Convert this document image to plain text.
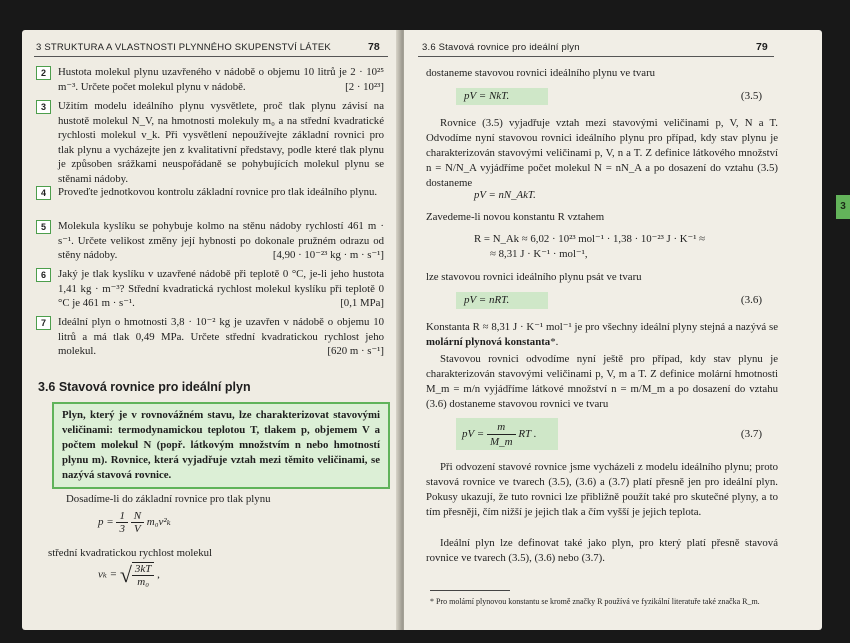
3 STRUKTURA A VLASTNOSTI PLYNNÉHO SKUPENSTVÍ LÁTEK	78
2	Hustota molekul plynu uzavřeného v nádobě o objemu 10 litrů je 2 · 10²⁵ m⁻³. Určete počet molekul plynu v nádobě.	[2 · 10²³]
3	Užitím modelu ideálního plynu vysvětlete, proč tlak plynu závisí na hustotě molekul N_V, na hmotnosti molekuly m₀ a na střední kvadratické rychlosti molekul v_k. Při vysvětlení nepoužívejte základní rovnici pro tlak plynu a vycházejte jen z kvalitativní představy, podle které tlak plynu je způsoben srážkami neuspořádaně se pohybujících molekul plynu se stěnami nádoby.
4	Proveďte jednotkovou kontrolu základní rovnice pro tlak ideálního plynu.
5	Molekula kyslíku se pohybuje kolmo na stěnu nádoby rychlostí 461 m · s⁻¹. Určete velikost změny její hybnosti po dokonale pružném odrazu od stěny nádoby.	[4,90 · 10⁻²³ kg · m · s⁻¹]
6	Jaký je tlak kyslíku v uzavřené nádobě při teplotě 0 °C, je-li jeho hustota 1,41 kg · m⁻³? Střední kvadratická rychlost molekul kyslíku při teplotě 0 °C je 461 m · s⁻¹.	[0,1 MPa]
7	Ideální plyn o hmotnosti 3,8 · 10⁻² kg je uzavřen v nádobě o objemu 10 litrů a má tlak 0,49 MPa. Určete střední kvadratickou rychlost jeho molekul.	[620 m · s⁻¹]
3.6 Stavová rovnice pro ideální plyn
Plyn, který je v rovnovážném stavu, lze charakterizovat stavovými veličinami: termodynamickou teplotou T, tlakem p, objemem V a počtem molekul N (popř. látkovým množstvím n nebo hmotností plynu m). Rovnice, která vyjadřuje vztah mezi těmito veličinami, se nazývá stavová rovnice.
Dosadíme-li do základní rovnice pro tlak plynu
$p = \frac{1}{3}$
$\frac{N}{V} m_0v^2_k$
střední kvadratickou rychlost molekul
vₖ = √ $\frac{3kT}{\text{m₀}}$ ,
3.6 Stavová rovnice pro ideální plyn	79
dostaneme stavovou rovnici ideálního plynu ve tvaru
pV = NkT.	(3.5)
Rovnice (3.5) vyjadřuje vztah mezi stavovými veličinami p, V, N a T. Odvodíme nyní stavovou rovnici ideálního plynu pro případ, kdy stav plynu je charakterizován stavovými veličinami p, V, n a T. Z definice látkového množství n = N/N_A vyjádříme počet molekul N = nN_A a po dosazení do vztahu (3.5) dostaneme
pV = nN_AkT.
Zavedeme-li novou konstantu R vztahem
R = N_Ak ≈ 6,02 · 10²³ mol⁻¹ · 1,38 · 10⁻²³ J · K⁻¹ ≈
≈ 8,31 J · K⁻¹ · mol⁻¹,
lze stavovou rovnici ideálního plynu psát ve tvaru
pV = nRT.	(3.6)
Konstanta R ≈ 8,31 J · K⁻¹ mol⁻¹ je pro všechny ideální plyny stejná a nazývá se molární plynová konstanta*.
Stavovou rovnici odvodíme nyní ještě pro případ, kdy stav plynu je charakterizován stavovými veličinami p, V, m a T. Z definice molární hmotnosti M_m = m/n vyjádříme látkové množství n = m/M_m a po dosazení do vztahu (3.6) dostaneme stavovou rovnici ve tvaru
pV = $\frac{m}{M\_m}$ RT .	(3.7)
Při odvození stavové rovnice jsme vycházeli z modelu ideálního plynu; proto stavová rovnice ve tvarech (3.5), (3.6) a (3.7) platí přesně jen pro ideální plyn. Pokusy ukazují, že tuto rovnici lze přibližně použít také pro skutečné plyny, a to tím přesněji, čím nižší je jejich tlak a čím vyšší je jejich teplota.
Ideální plyn lze definovat také jako plyn, pro který platí přesně stavová rovnice ve tvarech (3.5), (3.6) nebo (3.7).
* Pro molární plynovou konstantu se kromě značky R používá ve fyzikální literatuře také značka R_m.
3
